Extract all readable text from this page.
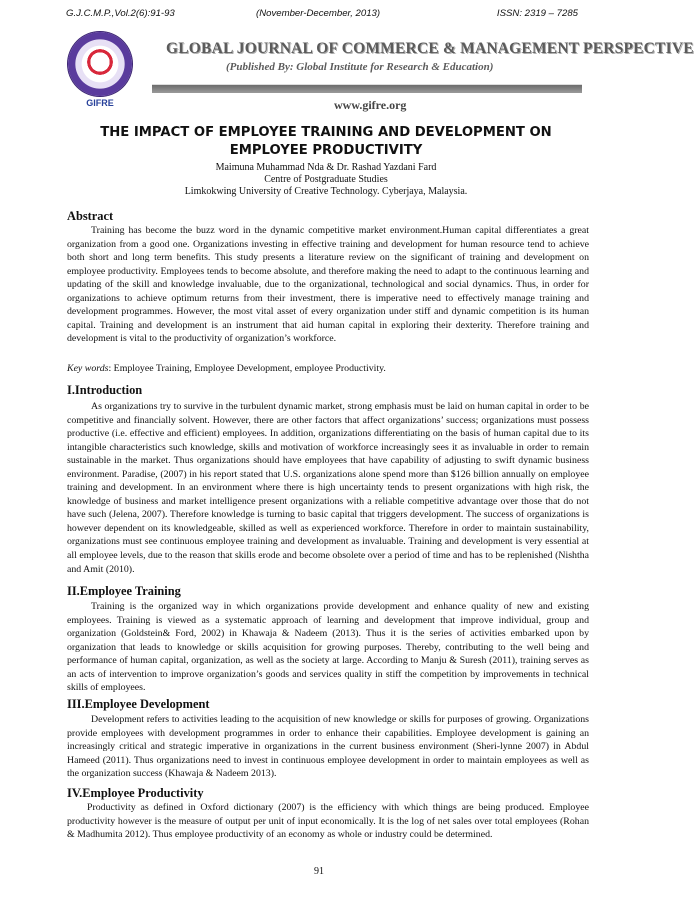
G.J.C.M.P.,Vol.2(6):91-93	(November-December, 2013)	ISSN: 2319 – 7285
GIFRE
GLOBAL JOURNAL OF COMMERCE & MANAGEMENT PERSPECTIVE
(Published By: Global Institute for Research & Education)
www.gifre.org
THE IMPACT OF EMPLOYEE TRAINING AND DEVELOPMENT ON EMPLOYEE PRODUCTIVITY
Maimuna Muhammad Nda & Dr. Rashad Yazdani Fard
Centre of Postgraduate Studies
Limkokwing University of Creative Technology. Cyberjaya, Malaysia.
Abstract

Training has become the buzz word in the dynamic competitive market environment.Human capital differentiates a great organization from a good one. Organizations investing in effective training and development for human resource tend to achieve both short and long term benefits. This study presents a literature review on the significant of training and development on employee productivity. Employees tends to become absolute, and therefore making the need to adapt to the continuous learning and updating of the skill and knowledge invaluable, due to the organizational, technological and social dynamics. Thus, in order for organizations to achieve optimum returns from their investment, there is imperative need to effectively manage training and development programmes. However, the most vital asset of every organization under stiff and dynamic competition is its human capital. Training and development is an instrument that aid human capital in exploring their dexterity. Therefore training and development is vital to the productivity of organization’s workforce.

Key words: Employee Training, Employee Development, employee Productivity.
I.Introduction

As organizations try to survive in the turbulent dynamic market, strong emphasis must be laid on human capital in order to be competitive and financially solvent. However, there are other factors that affect organizations’ success; organizations must possess productive (i.e. effective and efficient) employees. In addition, organizations differentiating on the basis of human capital due to its intangible characteristics such knowledge, skills and motivation of workforce increasingly sees it as invaluable in order to remain sustainable in the market. Thus organizations should have employees that have capability of adjusting to swift dynamic business environment. Paradise, (2007) in his report stated that U.S. organizations alone spend more than $126 billion annually on employee training and development. In an environment where there is high uncertainty tends to present organizations with high risk, the knowledge of business and market intelligence present organizations with a reliable competitive advantage over those that do not have such (Jelena, 2007). Therefore knowledge is turning to basic capital that triggers development. The success of organizations is however dependent on its knowledgeable, skilled as well as experienced workforce. Therefore in order to maintain sustainability, organizations must see continuous employee training and development as invaluable. Training and development is very essential at all employee levels, due to the reason that skills erode and become obsolete over a period of time and has to be replenished (Nishtha and Amit (2010).

II.Employee Training

Training is the organized way in which organizations provide development and enhance quality of new and existing employees. Training is viewed as a systematic approach of learning and development that improve individual, group and organization (Goldstein& Ford, 2002) in Khawaja & Nadeem (2013). Thus it is the series of activities embarked upon by organization that leads to knowledge or skills acquisition for growing purposes. Thereby, contributing to the well being and performance of human capital, organization, as well as the society at large. According to Manju & Suresh (2011), training serves as an acts of intervention to improve organization’s goods and services quality in stiff the competition by improvements in technical skills of employees.

III.Employee Development

Development refers to activities leading to the acquisition of new knowledge or skills for purposes of growing. Organizations provide employees with development programmes in order to enhance their capabilities. Employee development is gaining an increasingly critical and strategic imperative in organizations in the current business environment (Sheri-lynne 2007) in Abdul Hameed (2011). Thus organizations need to invest in continuous employee development in order to maintain employees as well as the organization success (Khawaja & Nadeem 2013).

IV.Employee Productivity

Productivity as defined in Oxford dictionary (2007) is the efficiency with which things are being produced. Employee productivity however is the measure of output per unit of input economically. It is the log of net sales over total employees (Rohan & Madhumita 2012). Thus employee productivity of an economy as whole or industry could be determined.

91
